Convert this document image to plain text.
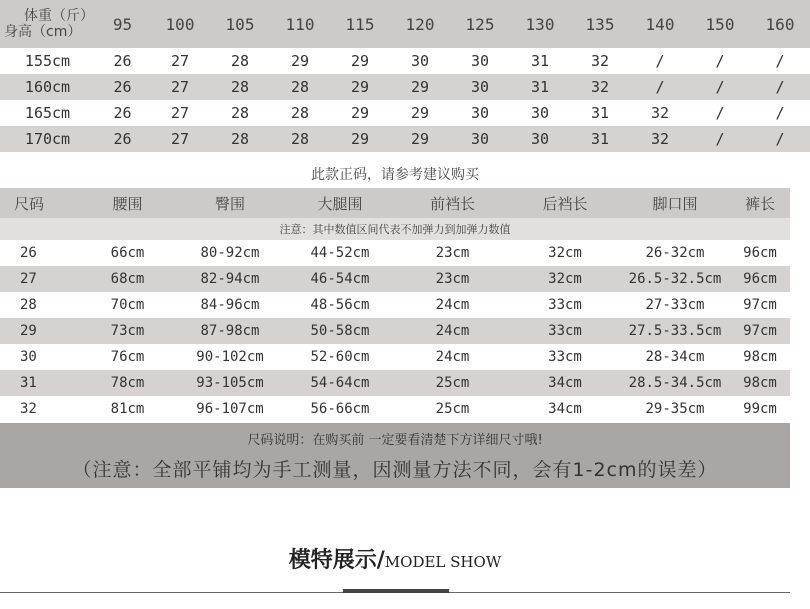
体重（斤）
身高（cm）	95	100	105	110	115	120	125	130	135	140	150	160
155cm	26	27	28	29	29	30	30	31	32	/	/	/
160cm	26	27	28	28	29	29	30	31	32	/	/	/
165cm	26	27	28	28	29	29	30	30	31	32	/	/
170cm	26	27	28	28	29	29	30	30	31	32	/	/
此款正码，请参考建议购买
尺码	腰围	臀围	大腿围	前裆长	后裆长	脚口围	裤长
注意：其中数值区间代表不加弹力到加弹力数值							
26	66cm	80-92cm	44-52cm	23cm	32cm	26-32cm	96cm
27	68cm	82-94cm	46-54cm	23cm	32cm	26.5-32.5cm	96cm
28	70cm	84-96cm	48-56cm	24cm	33cm	27-33cm	97cm
29	73cm	87-98cm	50-58cm	24cm	33cm	27.5-33.5cm	97cm
30	76cm	90-102cm	52-60cm	24cm	33cm	28-34cm	98cm
31	78cm	93-105cm	54-64cm	25cm	34cm	28.5-34.5cm	98cm
32	81cm	96-107cm	56-66cm	25cm	34cm	29-35cm	99cm
尺码说明：在购买前 一定要看清楚下方详细尺寸哦!
（注意：全部平铺均为手工测量，因测量方法不同，会有1-2cm的误差）
模特展示/MODEL SHOW
